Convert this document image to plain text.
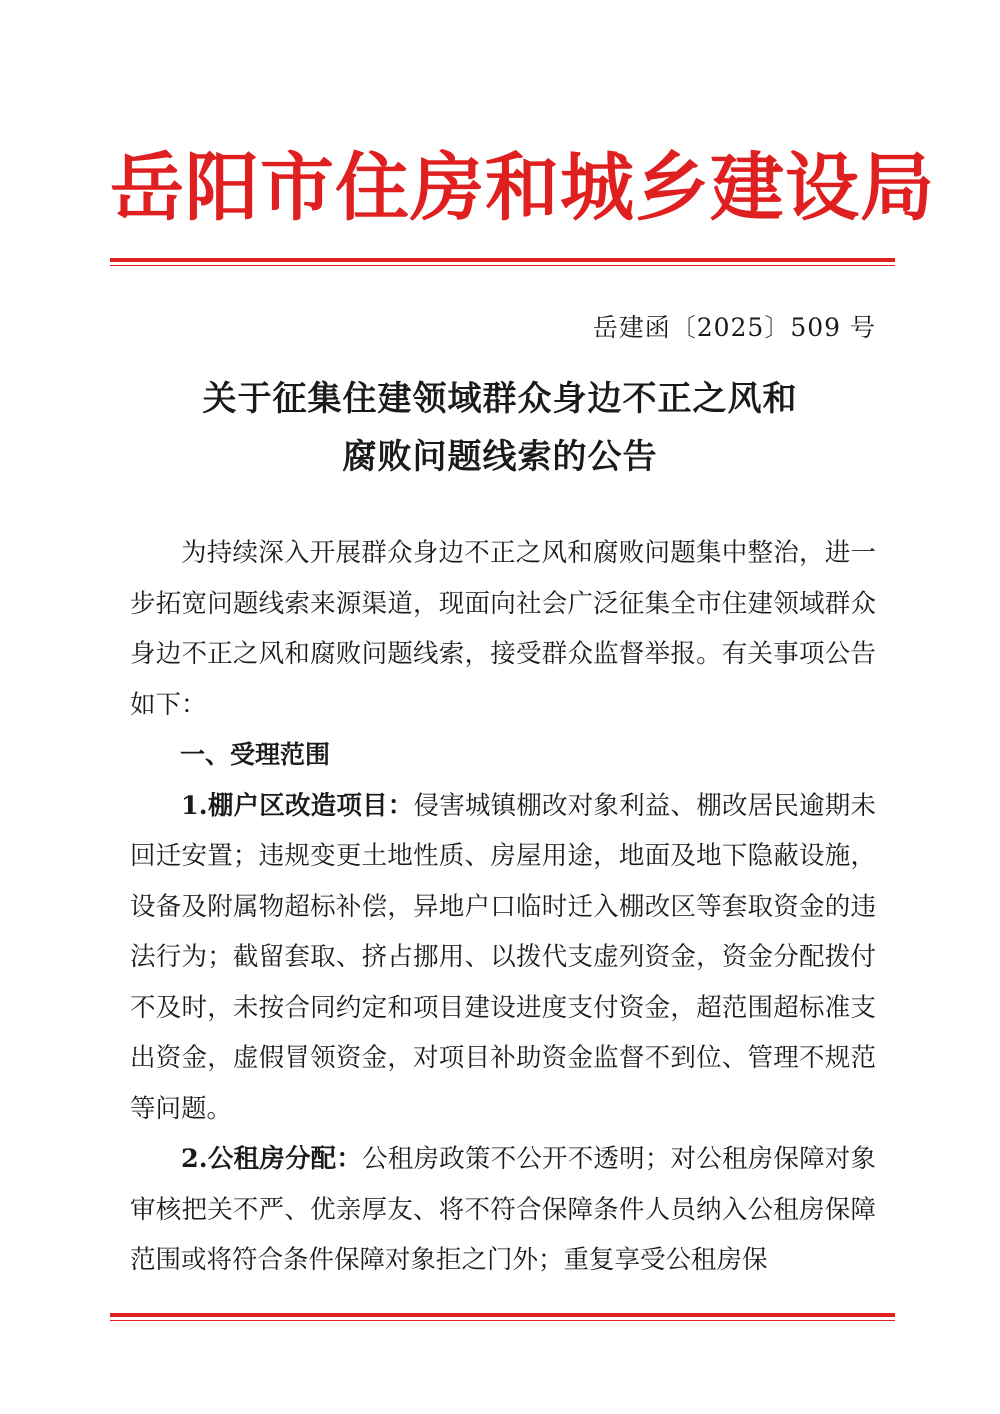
岳阳市住房和城乡建设局
岳建函〔2025〕509 号
关于征集住建领域群众身边不正之风和
腐败问题线索的公告

为持续深入开展群众身边不正之风和腐败问题集中整治，进一步拓宽问题线索来源渠道，现面向社会广泛征集全市住建领域群众身边不正之风和腐败问题线索，接受群众监督举报。有关事项公告如下：

一、受理范围

1.棚户区改造项目：侵害城镇棚改对象利益、棚改居民逾期未回迁安置；违规变更土地性质、房屋用途，地面及地下隐蔽设施，设备及附属物超标补偿，异地户口临时迁入棚改区等套取资金的违法行为；截留套取、挤占挪用、以拨代支虚列资金，资金分配拨付不及时，未按合同约定和项目建设进度支付资金，超范围超标准支出资金，虚假冒领资金，对项目补助资金监督不到位、管理不规范等问题。

2.公租房分配：公租房政策不公开不透明；对公租房保障对象审核把关不严、优亲厚友、将不符合保障条件人员纳入公租房保障范围或将符合条件保障对象拒之门外；重复享受公租房保
